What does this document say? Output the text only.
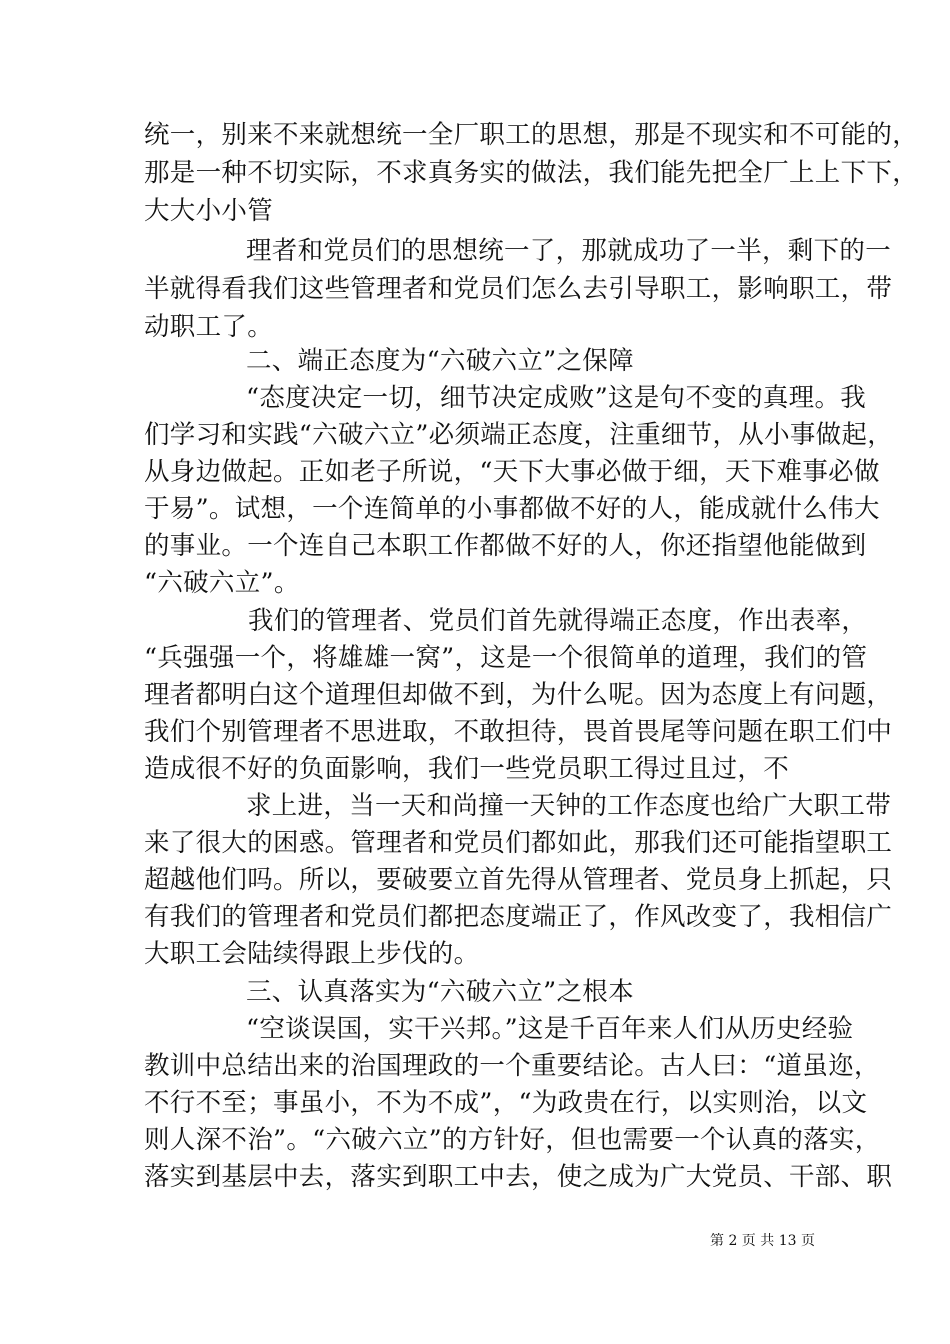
统一，别来不来就想统一全厂职工的思想，那是不现实和不可能的，
那是一种不切实际，不求真务实的做法，我们能先把全厂上上下下，
大大小小管
理者和党员们的思想统一了，那就成功了一半，剩下的一
半就得看我们这些管理者和党员们怎么去引导职工，影响职工，带
动职工了。
二、端正态度为“六破六立”之保障
“态度决定一切，细节决定成败”这是句不变的真理。我
们学习和实践“六破六立”必须端正态度，注重细节，从小事做起，
从身边做起。正如老子所说，“天下大事必做于细，天下难事必做
于易”。试想，一个连简单的小事都做不好的人，能成就什么伟大
的事业。一个连自己本职工作都做不好的人，你还指望他能做到
“六破六立”。
我们的管理者、党员们首先就得端正态度，作出表率，
“兵强强一个，将雄雄一窝”，这是一个很简单的道理，我们的管
理者都明白这个道理但却做不到，为什么呢。因为态度上有问题，
我们个别管理者不思进取，不敢担待，畏首畏尾等问题在职工们中
造成很不好的负面影响，我们一些党员职工得过且过，不
求上进，当一天和尚撞一天钟的工作态度也给广大职工带
来了很大的困惑。管理者和党员们都如此，那我们还可能指望职工
超越他们吗。所以，要破要立首先得从管理者、党员身上抓起，只
有我们的管理者和党员们都把态度端正了，作风改变了，我相信广
大职工会陆续得跟上步伐的。
三、认真落实为“六破六立”之根本
“空谈误国，实干兴邦。”这是千百年来人们从历史经验
教训中总结出来的治国理政的一个重要结论。古人曰：“道虽迩，
不行不至；事虽小，不为不成”，“为政贵在行，以实则治，以文
则人深不治”。“六破六立”的方针好，但也需要一个认真的落实，
落实到基层中去，落实到职工中去，使之成为广大党员、干部、职
第 2 页 共 13 页
